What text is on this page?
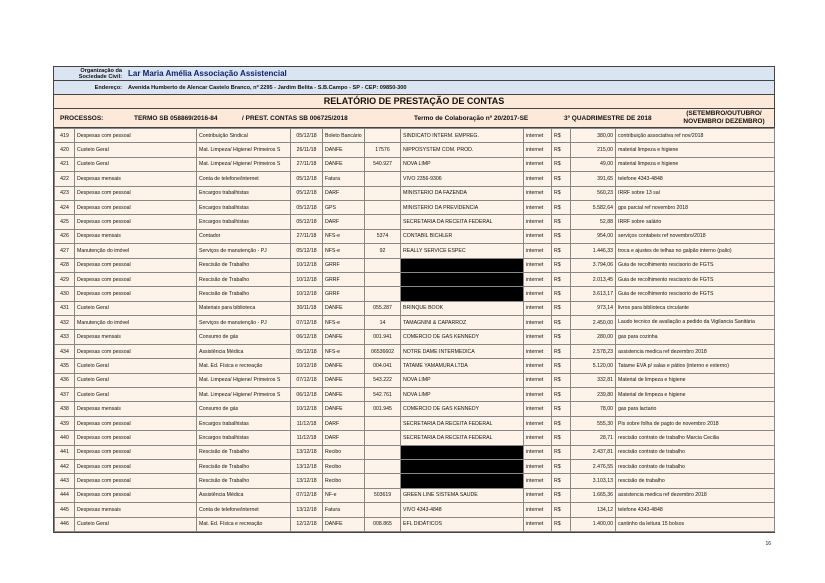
Organização da Sociedade Civil: Lar Maria Amélia Associação Assistencial
Endereço:	Avenida Humberto de Alencar Castelo Branco, nº 2295 - Jardim Belita - S.B.Campo - SP - CEP: 09850-300
RELATÓRIO DE PRESTAÇÃO DE CONTAS
PROCESSOS:	TERMO SB 058869/2016-84	/ PREST. CONTAS SB 006725/2018	Termo de Colaboração nº 20/2017-SE	3º QUADRIMESTRE DE 2018
(SETEMBRO/OUTUBRO/
NOVEMBRO/ DEZEMBRO)
419	Despesas com pessoal	Contribuição Sindical	05/12/18	Boleto Bancário		SINDICATO INTERM. EMPREG.	internet	R$	380,00	contribuição associativa ref nov/2018
420	Custeio Geral	Mat. Limpeza/ Higiene/ Primeiros S	26/11/18	DANFE	17576	NIPPOSYSTEM COM. PROD.	internet	R$	215,00	material limpeza e higiene
421	Custeio Geral	Mat. Limpeza/ Higiene/ Primeiros S	27/11/18	DANFE	540.927	NOVA LIMP	internet	R$	49,00	material limpeza e higiene
422	Despesas mensais	Conta de telefone/internet	05/12/18	Fatura		VIVO 2356-9306	internet	R$	391,65	telefone 4343-4848
423	Despesas com pessoal	Encargos trabalhistas	05/12/18	DARF		MINISTERIO DA FAZENDA	internet	R$	560,23	IRRF sobre 13 sal
424	Despesas com pessoal	Encargos trabalhistas	05/12/18	GPS		MINISTERIO DA PREVIDENCIA	internet	R$	5.582,64	gps parcial ref novembro 2018
425	Despesas com pessoal	Encargos trabalhistas	05/12/18	DARF		SECRETARIA DA RECEITA FEDERAL	internet	R$	52,88	IRRF sobre salário
426	Despesas mensais	Contador	27/11/18	NFS-e	5374	CONTABIL BICHLER	internet	R$	954,00	serviços contabeis ref novembro/2018
427	Manutenção do imóvel	Serviços de manutenção - PJ	05/12/18	NFS-e	92	REALLY SERVICE ESPEC	internet	R$	1.446,33	troca e ajustes de telhas no galpão interno (palio)
428	Despesas com pessoal	Rescisão de Trabalho	10/12/18	GRRF			internet	R$	3.794,06	Guia de recolhimento rescisorio de FGTS
429	Despesas com pessoal	Rescisão de Trabalho	10/12/18	GRRF			internet	R$	2.013,45	Guia de recolhimento rescisorio de FGTS
430	Despesas com pessoal	Rescisão de Trabalho	10/12/18	GRRF			internet	R$	3.613,17	Guia de recolhimento rescisorio de FGTS
431	Custeio Geral	Materiais para biblioteca	30/11/18	DANFE	055.287	BRINQUE BOOK	internet	R$	973,14	livros para biblioteca circulante
432	Manutenção do imóvel	Serviços de manutenção - PJ	07/12/18	NFS-e	14	TAMAGNINI & CAPARROZ	internet	R$	2.450,00	Laudo tecnico de avaliação a pedido da Vigilancia Sanitária
433	Despesas mensais	Consumo de gás	06/12/18	DANFE	001.941	COMERCIO DE GAS KENNEDY	internet	R$	280,00	gas para cozinha
434	Despesas com pessoal	Assistência Médica	05/12/18	NFS-e	06536602	NOTRE DAME INTERMEDICA	internet	R$	2.578,23	assistencia medica ref dezembro 2018
435	Custeio Geral	Mat. Ed. Física e recreação	10/12/18	DANFE	004.041	TATAME YAMAMURA LTDA	internet	R$	5.120,00	Tatame EVA p/ salas e pátios (interno e externo)
436	Custeio Geral	Mat. Limpeza/ Higiene/ Primeiros S	07/12/18	DANFE	543.222	NOVA LIMP	internet	R$	332,81	Material de limpeza e higiene
437	Custeio Geral	Mat. Limpeza/ Higiene/ Primeiros S	06/12/18	DANFE	542.761	NOVA LIMP	internet	R$	239,80	Material de limpeza e higiene
438	Despesas mensais	Consumo de gás	10/12/18	DANFE	001.945	COMERCIO DE GAS KENNEDY	internet	R$	78,00	gas para lactario
439	Despesas com pessoal	Encargos trabalhistas	11/12/18	DARF		SECRETARIA DA RECEITA FEDERAL	internet	R$	555,30	Pis sobre folha de pagto de novembro 2018
440	Despesas com pessoal	Encargos trabalhistas	11/12/18	DARF		SECRETARIA DA RECEITA FEDERAL	internet	R$	28,71	rescisão contrato de trabalho Marcia Cecilia
441	Despesas com pessoal	Rescisão de Trabalho	13/12/18	Recibo			internet	R$	2.437,81	rescisão contrato de trabalho
442	Despesas com pessoal	Rescisão de Trabalho	13/12/18	Recibo			internet	R$	2.476,55	rescisão contrato de trabalho
443	Despesas com pessoal	Rescisão de Trabalho	13/12/18	Recibo			internet	R$	3.103,13	rescisão de trabalho
444	Despesas com pessoal	Assistência Médica	07/12/18	NF-e	503619	GREEN LINE SISTEMA SAUDE	internet	R$	1.665,36	assistencia medica ref dezembro 2018
445	Despesas mensais	Conta de telefone/internet	13/12/18	Fatura		VIVO 4343-4848	internet	R$	134,12	telefone 4343-4848
446	Custeio Geral	Mat. Ed. Física e recreação	12/12/18	DANFE	008.865	EFL DIDÁTICOS	internet	R$	1.400,00	cantinho da leitura 15 bolsos
16
